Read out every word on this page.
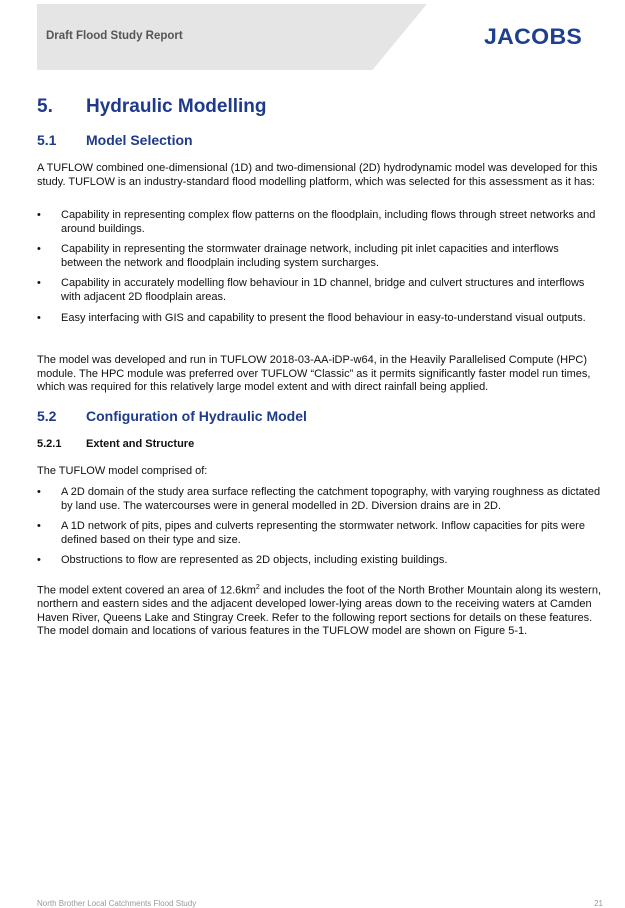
Draft Flood Study Report	JACOBS
5.	Hydraulic Modelling
5.1	Model Selection
A TUFLOW combined one-dimensional (1D) and two-dimensional (2D) hydrodynamic model was developed for this study. TUFLOW is an industry-standard flood modelling platform, which was selected for this assessment as it has:
•	Capability in representing complex flow patterns on the floodplain, including flows through street networks and around buildings.
•	Capability in representing the stormwater drainage network, including pit inlet capacities and interflows between the network and floodplain including system surcharges.
•	Capability in accurately modelling flow behaviour in 1D channel, bridge and culvert structures and interflows with adjacent 2D floodplain areas.
•	Easy interfacing with GIS and capability to present the flood behaviour in easy-to-understand visual outputs.
The model was developed and run in TUFLOW 2018-03-AA-iDP-w64, in the Heavily Parallelised Compute (HPC) module. The HPC module was preferred over TUFLOW “Classic” as it permits significantly faster model run times, which was required for this relatively large model extent and with direct rainfall being applied.
5.2	Configuration of Hydraulic Model
5.2.1	Extent and Structure
The TUFLOW model comprised of:
•	A 2D domain of the study area surface reflecting the catchment topography, with varying roughness as dictated by land use. The watercourses were in general modelled in 2D. Diversion drains are in 2D.
•	A 1D network of pits, pipes and culverts representing the stormwater network. Inflow capacities for pits were defined based on their type and size.
•	Obstructions to flow are represented as 2D objects, including existing buildings.
The model extent covered an area of $12.6km^2$ and includes the foot of the North Brother Mountain along its western, northern and eastern sides and the adjacent developed lower-lying areas down to the receiving waters at Camden Haven River, Queens Lake and Stingray Creek. Refer to the following report sections for details on these features. The model domain and locations of various features in the TUFLOW model are shown on Figure 5-1.
North Brother Local Catchments Flood Study	21
